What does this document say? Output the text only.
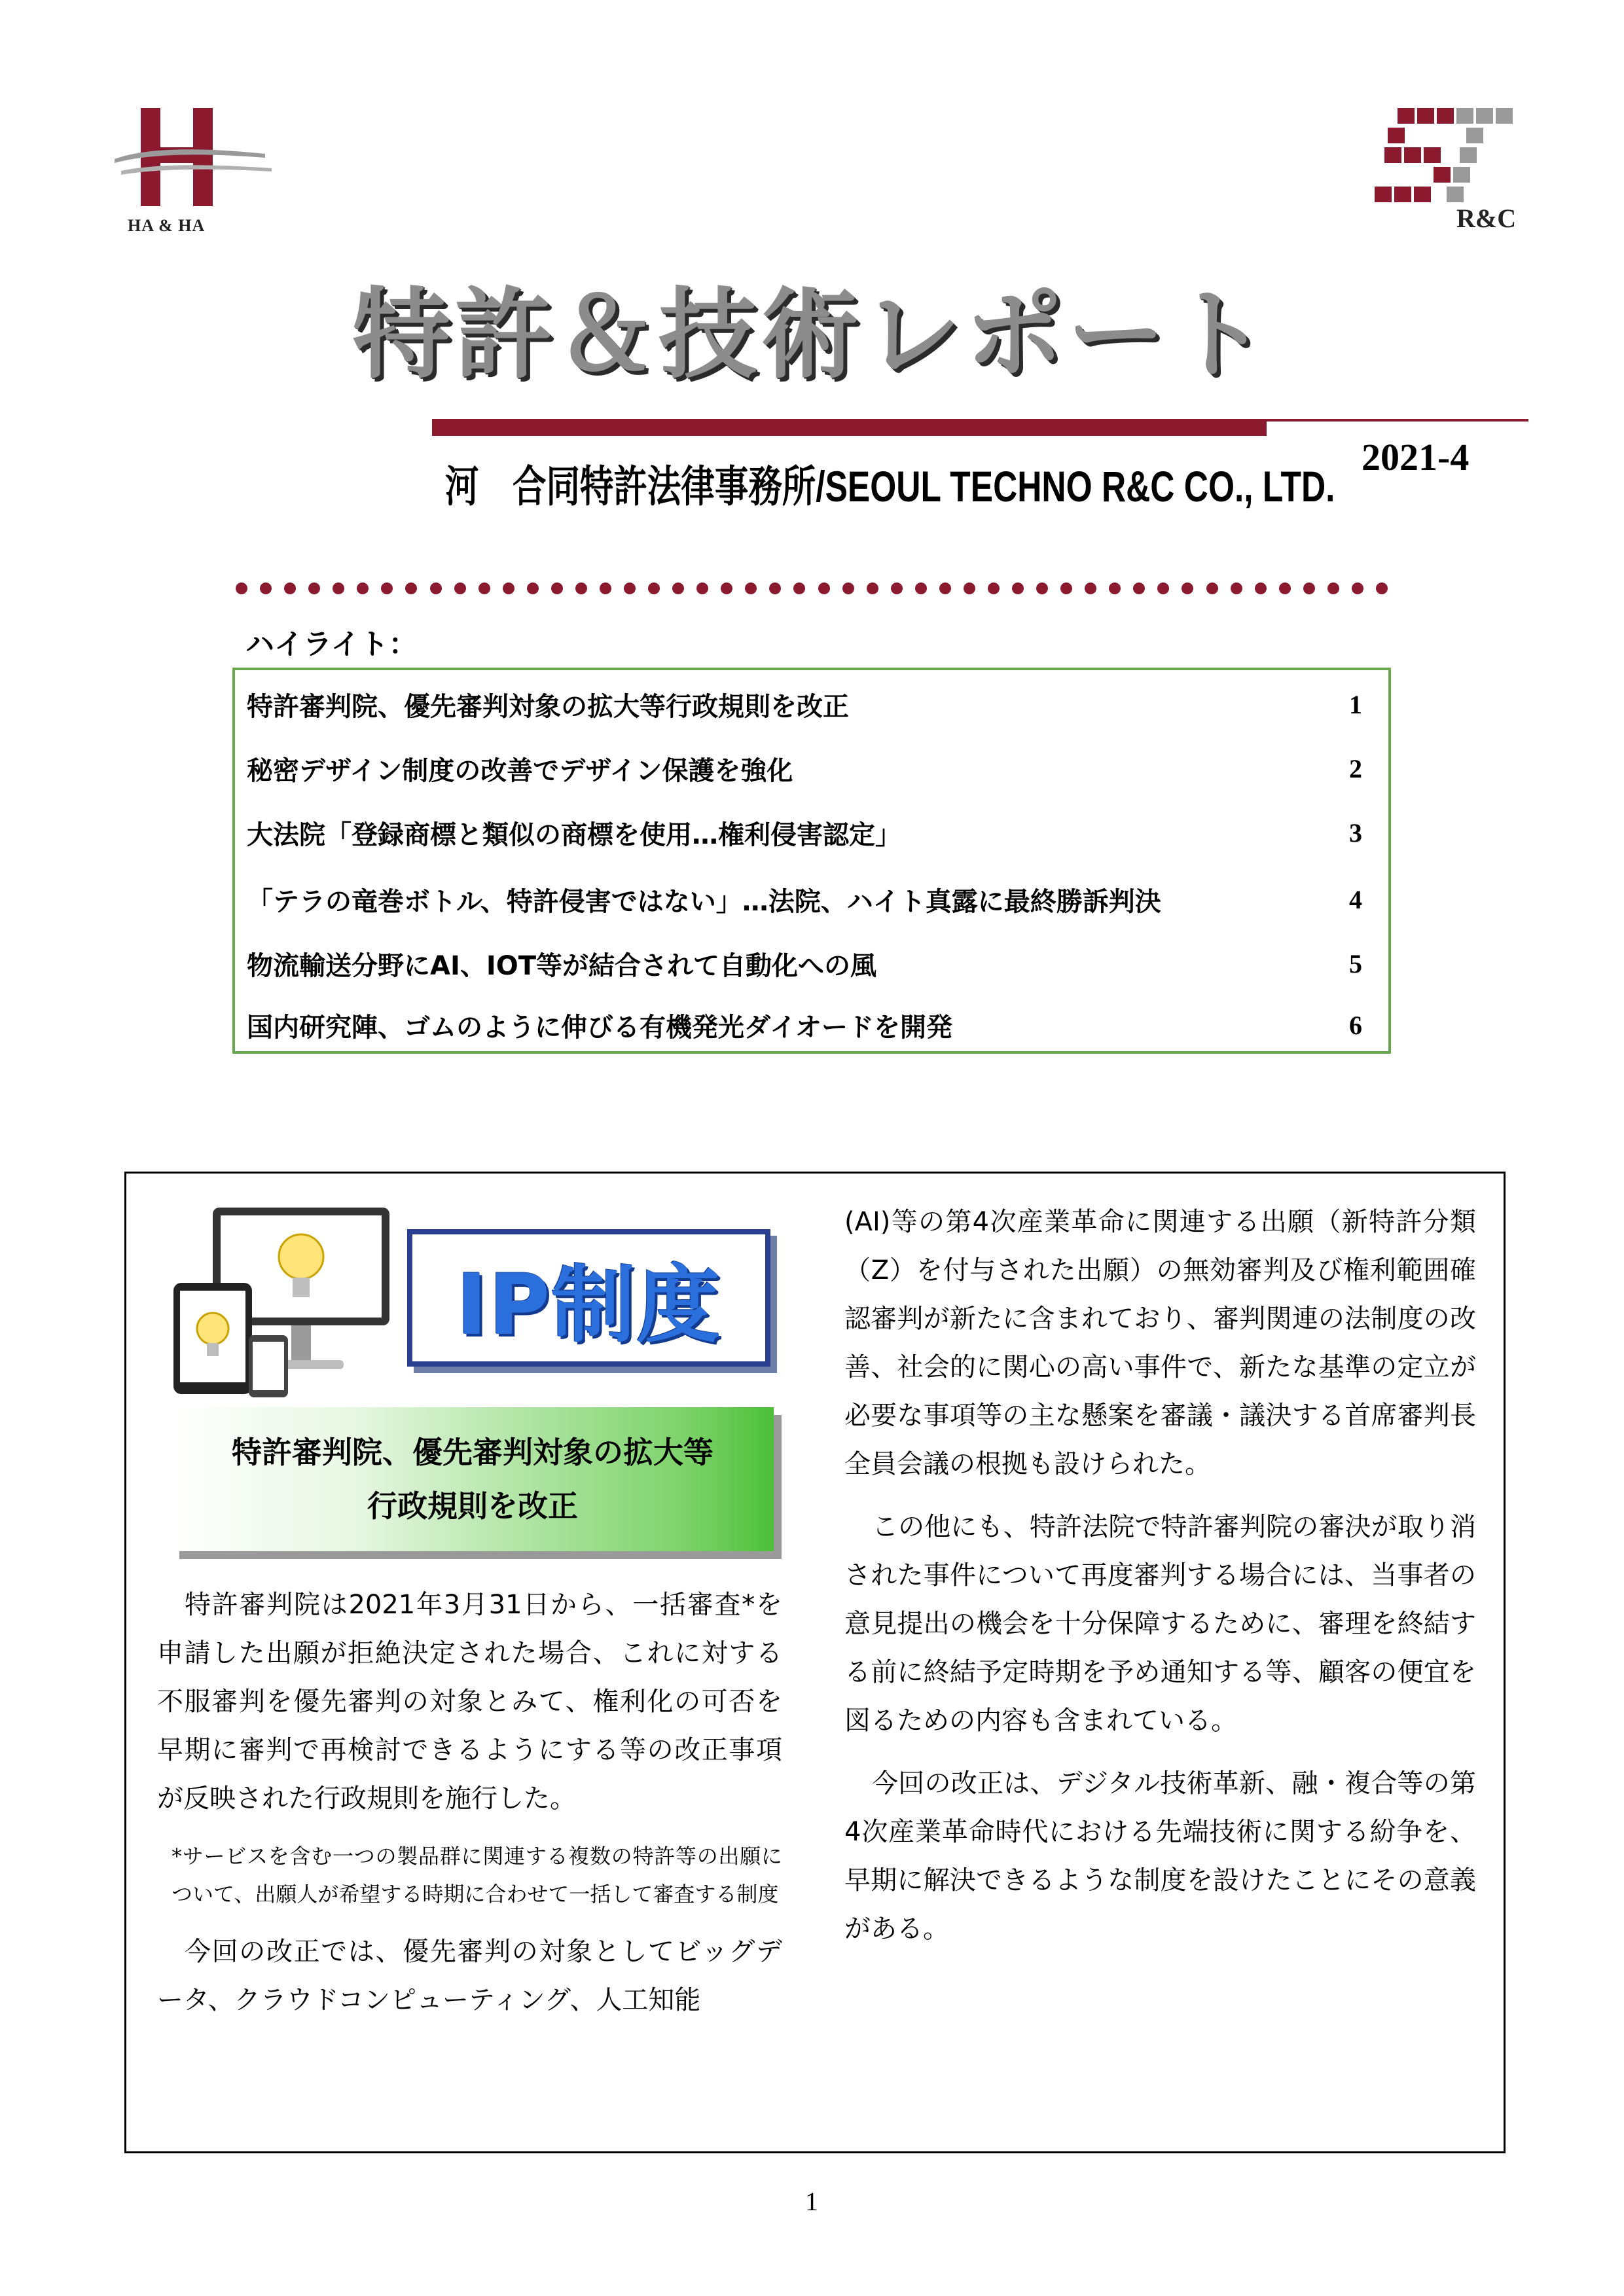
HA & HA	R&C
特許＆技術レポート
河　合同特許法律事務所/SEOUL TECHNO R&C CO., LTD.
2021-4
ハイライト：
特許審判院、優先審判対象の拡大等行政規則を改正	1
秘密デザイン制度の改善でデザイン保護を強化	2
大法院「登録商標と類似の商標を使用…権利侵害認定」	3
「テラの竜巻ボトル、特許侵害ではない」…法院、ハイト真露に最終勝訴判決	4
物流輸送分野にAI、IOT等が結合されて自動化への風	5
国内研究陣、ゴムのように伸びる有機発光ダイオードを開発	6
IP制度
特許審判院、優先審判対象の拡大等
行政規則を改正

特許審判院は2021年3月31日から、一括審査*を申請した出願が拒絶決定された場合、これに対する不服審判を優先審判の対象とみて、権利化の可否を早期に審判で再検討できるようにする等の改正事項が反映された行政規則を施行した。

*サービスを含む一つの製品群に関連する複数の特許等の出願について、出願人が希望する時期に合わせて一括して審査する制度

今回の改正では、優先審判の対象としてビッグデータ、クラウドコンピューティング、人工知能

(AI)等の第4次産業革命に関連する出願（新特許分類（Z）を付与された出願）の無効審判及び権利範囲確認審判が新たに含まれており、審判関連の法制度の改善、社会的に関心の高い事件で、新たな基準の定立が必要な事項等の主な懸案を審議・議決する首席審判長全員会議の根拠も設けられた。

この他にも、特許法院で特許審判院の審決が取り消された事件について再度審判する場合には、当事者の意見提出の機会を十分保障するために、審理を終結する前に終結予定時期を予め通知する等、顧客の便宜を図るための内容も含まれている。

今回の改正は、デジタル技術革新、融・複合等の第4次産業革命時代における先端技術に関する紛争を、早期に解決できるような制度を設けたことにその意義がある。

1
